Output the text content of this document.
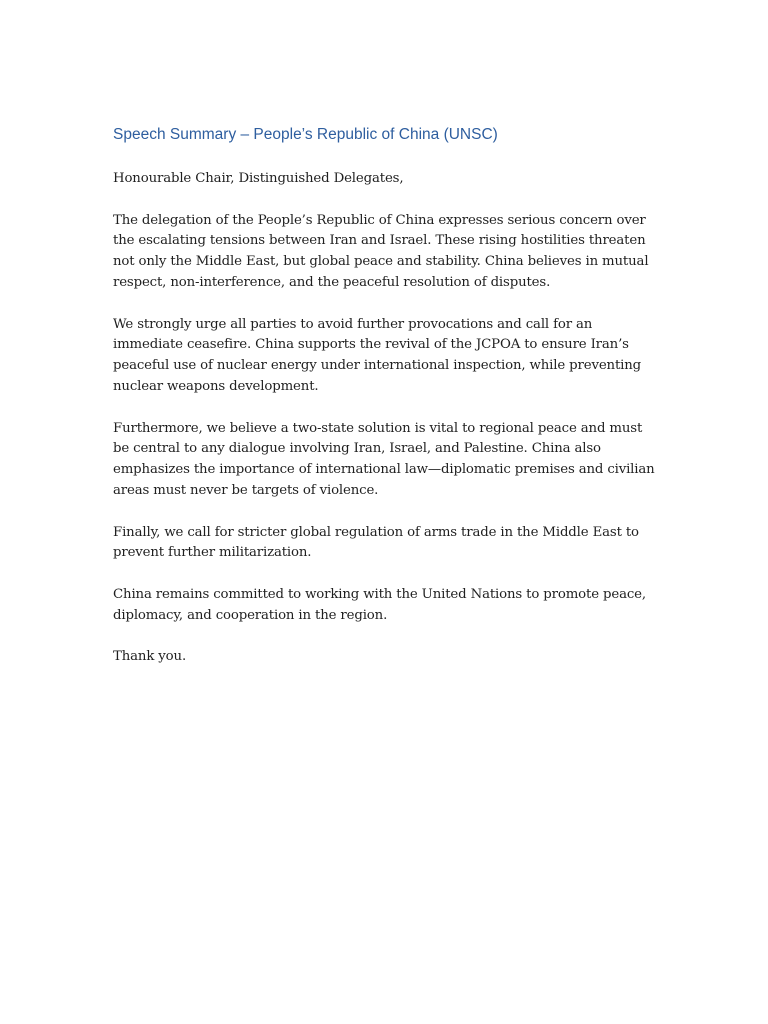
Speech Summary – People’s Republic of China (UNSC)

Honourable Chair, Distinguished Delegates,

The delegation of the People’s Republic of China expresses serious concern over the escalating tensions between Iran and Israel. These rising hostilities threaten not only the Middle East, but global peace and stability. China believes in mutual respect, non-interference, and the peaceful resolution of disputes.

We strongly urge all parties to avoid further provocations and call for an immediate ceasefire. China supports the revival of the JCPOA to ensure Iran’s peaceful use of nuclear energy under international inspection, while preventing nuclear weapons development.

Furthermore, we believe a two-state solution is vital to regional peace and must be central to any dialogue involving Iran, Israel, and Palestine. China also emphasizes the importance of international law—diplomatic premises and civilian areas must never be targets of violence.

Finally, we call for stricter global regulation of arms trade in the Middle East to prevent further militarization.

China remains committed to working with the United Nations to promote peace, diplomacy, and cooperation in the region.

Thank you.
